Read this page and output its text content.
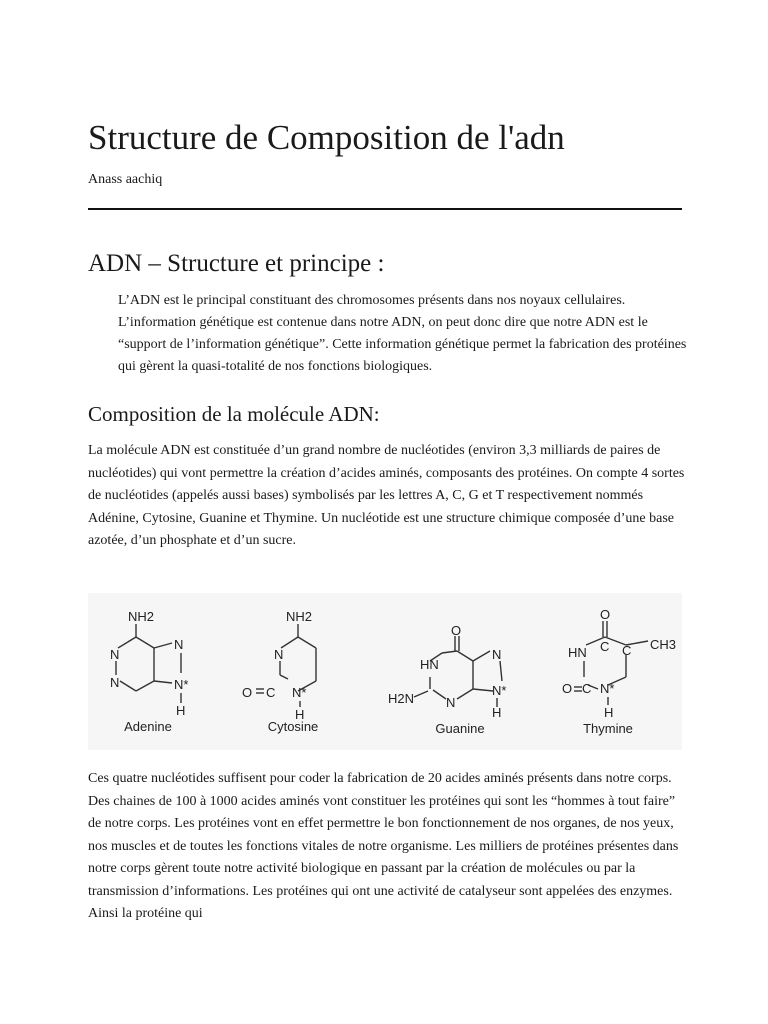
Structure de Composition de l'adn
Anass aachiq
ADN – Structure et principe :

L’ADN est le principal constituant des chromosomes présents dans nos noyaux cellulaires. L’information génétique est contenue dans notre ADN, on peut donc dire que notre ADN est le “support de l’information génétique”. Cette information génétique permet la fabrication des protéines qui gèrent la quasi-totalité de nos fonctions biologiques.

Composition de la molécule ADN:

La molécule ADN est constituée d’un grand nombre de nucléotides (environ 3,3 milliards de paires de nucléotides) qui vont permettre la création d’acides aminés, composants des protéines. On compte 4 sortes de nucléotides (appelés aussi bases) symbolisés par les lettres A, C, G et T respectivement nommés Adénine, Cytosine, Guanine et Thymine. Un nucléotide est une structure chimique composée d’une base azotée, d’un phosphate et d’un sucre.

NH2
N
N
N
N*
H
NH2
N
N*
O C
H
O
HN
N
N
N*
H2N
H
O
CH3
HN C C
C
O N*
H
Adenine	Cytosine	Guanine	Thymine

Ces quatre nucléotides suffisent pour coder la fabrication de 20 acides aminés présents dans notre corps. Des chaines de 100 à 1000 acides aminés vont constituer les protéines qui sont les “hommes à tout faire” de notre corps. Les protéines vont en effet permettre le bon fonctionnement de nos organes, de nos yeux, nos muscles et de toutes les fonctions vitales de notre organisme. Les milliers de protéines présentes dans notre corps gèrent toute notre activité biologique en passant par la création de molécules ou par la transmission d’informations. Les protéines qui ont une activité de catalyseur sont appelées des enzymes. Ainsi la protéine qui
